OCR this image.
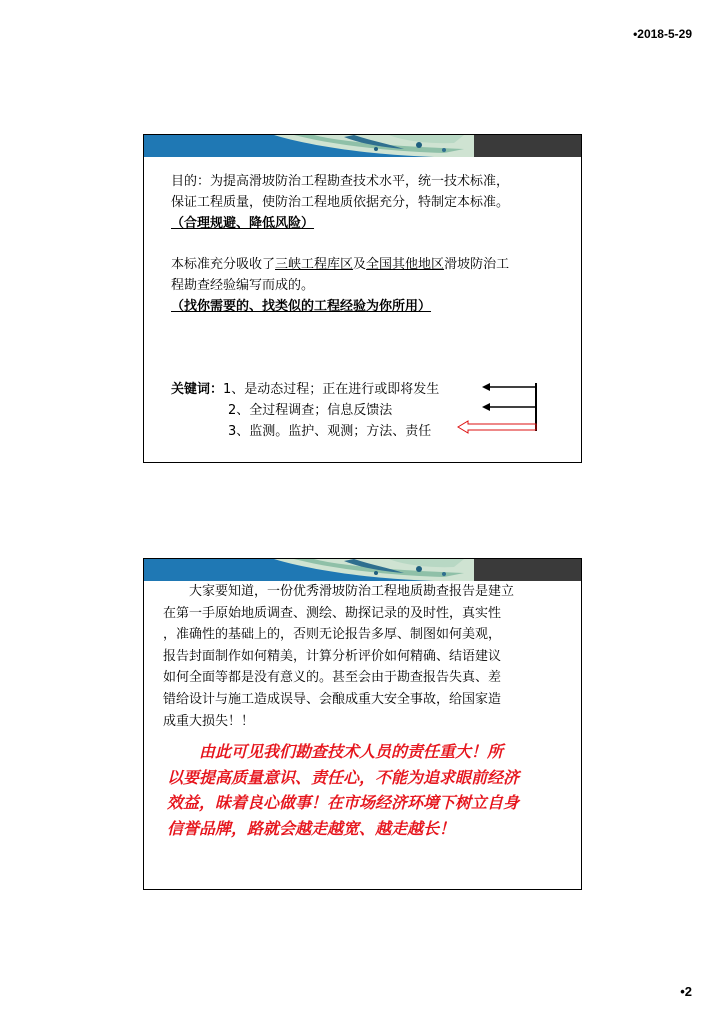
•2018-5-29

目的：为提高滑坡防治工程勘查技术水平，统一技术标准，

保证工程质量，使防治工程地质依据充分，特制定本标准。

（合理规避、降低风险）

本标准充分吸收了三峡工程库区及全国其他地区滑坡防治工

程勘查经验编写而成的。

（找你需要的、找类似的工程经验为你所用）

关键词：1、是动态过程；正在进行或即将发生
2、全过程调查；信息反馈法
3、监测。监护、观测；方法、责任
　　大家要知道，一份优秀滑坡防治工程地质勘查报告是建立
在第一手原始地质调查、测绘、勘探记录的及时性，真实性
，准确性的基础上的，否则无论报告多厚、制图如何美观，
报告封面制作如何精美，计算分析评价如何精确、结语建议
如何全面等都是没有意义的。甚至会由于勘查报告失真、差
错给设计与施工造成误导、会酿成重大安全事故，给国家造
成重大损失！！
　　由此可见我们勘查技术人员的责任重大！所
以要提高质量意识、责任心，不能为追求眼前经济
效益，昧着良心做事！在市场经济环境下树立自身
信誉品牌，路就会越走越宽、越走越长！
•2
